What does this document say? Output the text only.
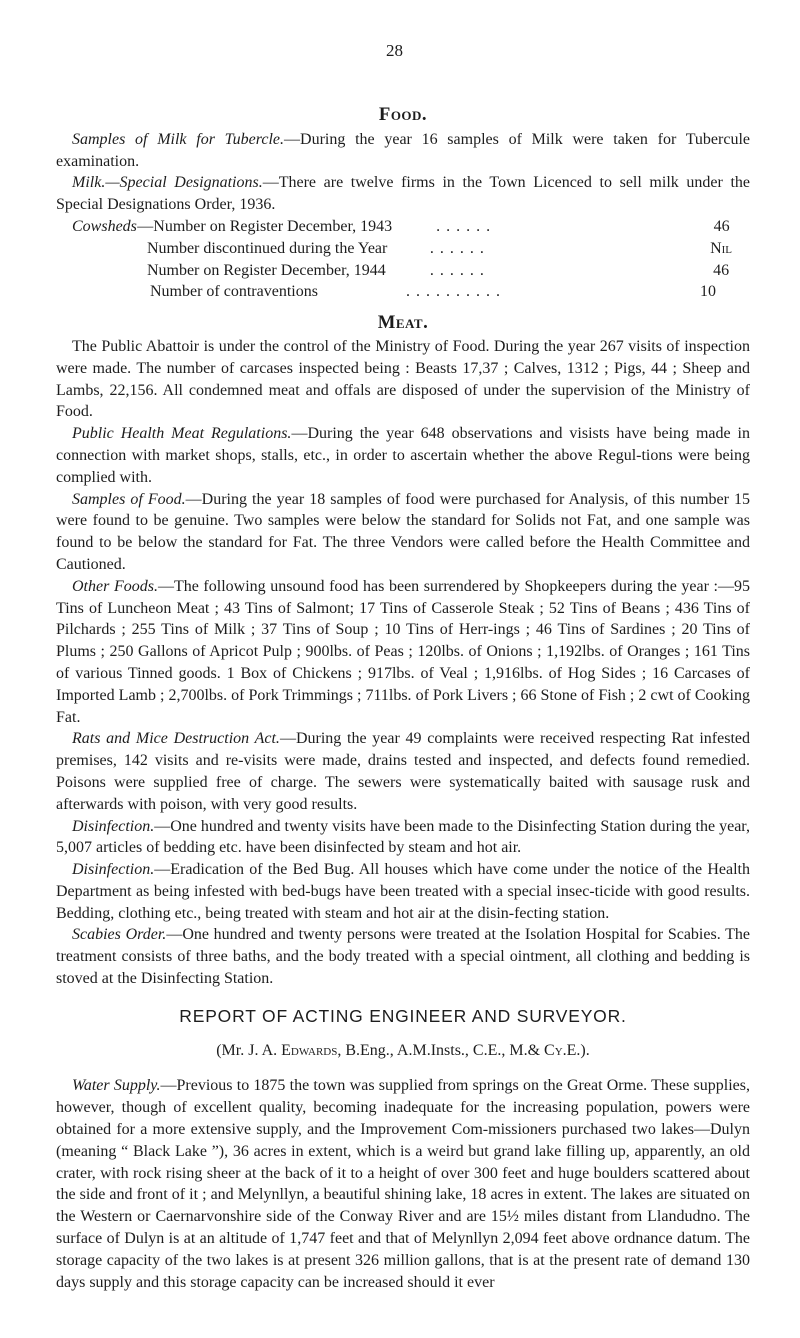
28
Food.

Samples of Milk for Tubercle.—During the year 16 samples of Milk were taken for Tubercule examination.

Milk.—Special Designations.—There are twelve firms in the Town Licenced to sell milk under the Special Designations Order, 1936.

Cowsheds —Number on Register December, 1943	. . . . . .	46
Number discontinued during the Year	. . . . . .	Nil
Number on Register December, 1944	. . . . . .	46
Number of contraventions	. . . . . . . . . .	10
Meat.

The Public Abattoir is under the control of the Ministry of Food. During the year 267 visits of inspection were made. The number of carcases inspected being : Beasts 17,37 ; Calves, 1312 ; Pigs, 44 ; Sheep and Lambs, 22,156. All condemned meat and offals are disposed of under the supervision of the Ministry of Food.

Public Health Meat Regulations.—During the year 648 observations and visists have being made in connection with market shops, stalls, etc., in order to ascertain whether the above Regul-tions were being complied with.

Samples of Food.—During the year 18 samples of food were purchased for Analysis, of this number 15 were found to be genuine. Two samples were below the standard for Solids not Fat, and one sample was found to be below the standard for Fat. The three Vendors were called before the Health Committee and Cautioned.

Other Foods.—The following unsound food has been surrendered by Shopkeepers during the year :—95 Tins of Luncheon Meat ; 43 Tins of Salmont; 17 Tins of Casserole Steak ; 52 Tins of Beans ; 436 Tins of Pilchards ; 255 Tins of Milk ; 37 Tins of Soup ; 10 Tins of Herr-ings ; 46 Tins of Sardines ; 20 Tins of Plums ; 250 Gallons of Apricot Pulp ; 900lbs. of Peas ; 120lbs. of Onions ; 1,192lbs. of Oranges ; 161 Tins of various Tinned goods. 1 Box of Chickens ; 917lbs. of Veal ; 1,916lbs. of Hog Sides ; 16 Carcases of Imported Lamb ; 2,700lbs. of Pork Trimmings ; 711lbs. of Pork Livers ; 66 Stone of Fish ; 2 cwt of Cooking Fat.

Rats and Mice Destruction Act.—During the year 49 complaints were received respecting Rat infested premises, 142 visits and re-visits were made, drains tested and inspected, and defects found remedied. Poisons were supplied free of charge. The sewers were systematically baited with sausage rusk and afterwards with poison, with very good results.

Disinfection.—One hundred and twenty visits have been made to the Disinfecting Station during the year, 5,007 articles of bedding etc. have been disinfected by steam and hot air.

Disinfection.—Eradication of the Bed Bug. All houses which have come under the notice of the Health Department as being infested with bed-bugs have been treated with a special insec-ticide with good results. Bedding, clothing etc., being treated with steam and hot air at the disin-fecting station.

Scabies Order.—One hundred and twenty persons were treated at the Isolation Hospital for Scabies. The treatment consists of three baths, and the body treated with a special ointment, all clothing and bedding is stoved at the Disinfecting Station.

REPORT OF ACTING ENGINEER AND SURVEYOR.
(Mr. J. A. Edwards, B.Eng., A.M.Insts., C.E., M.& Cy.E.).

Water Supply.—Previous to 1875 the town was supplied from springs on the Great Orme. These supplies, however, though of excellent quality, becoming inadequate for the increasing population, powers were obtained for a more extensive supply, and the Improvement Com-missioners purchased two lakes—Dulyn (meaning “ Black Lake ”), 36 acres in extent, which is a weird but grand lake filling up, apparently, an old crater, with rock rising sheer at the back of it to a height of over 300 feet and huge boulders scattered about the side and front of it ; and Melynllyn, a beautiful shining lake, 18 acres in extent. The lakes are situated on the Western or Caernarvonshire side of the Conway River and are 15½ miles distant from Llandudno. The surface of Dulyn is at an altitude of 1,747 feet and that of Melynllyn 2,094 feet above ordnance datum. The storage capacity of the two lakes is at present 326 million gallons, that is at the present rate of demand 130 days supply and this storage capacity can be increased should it ever
